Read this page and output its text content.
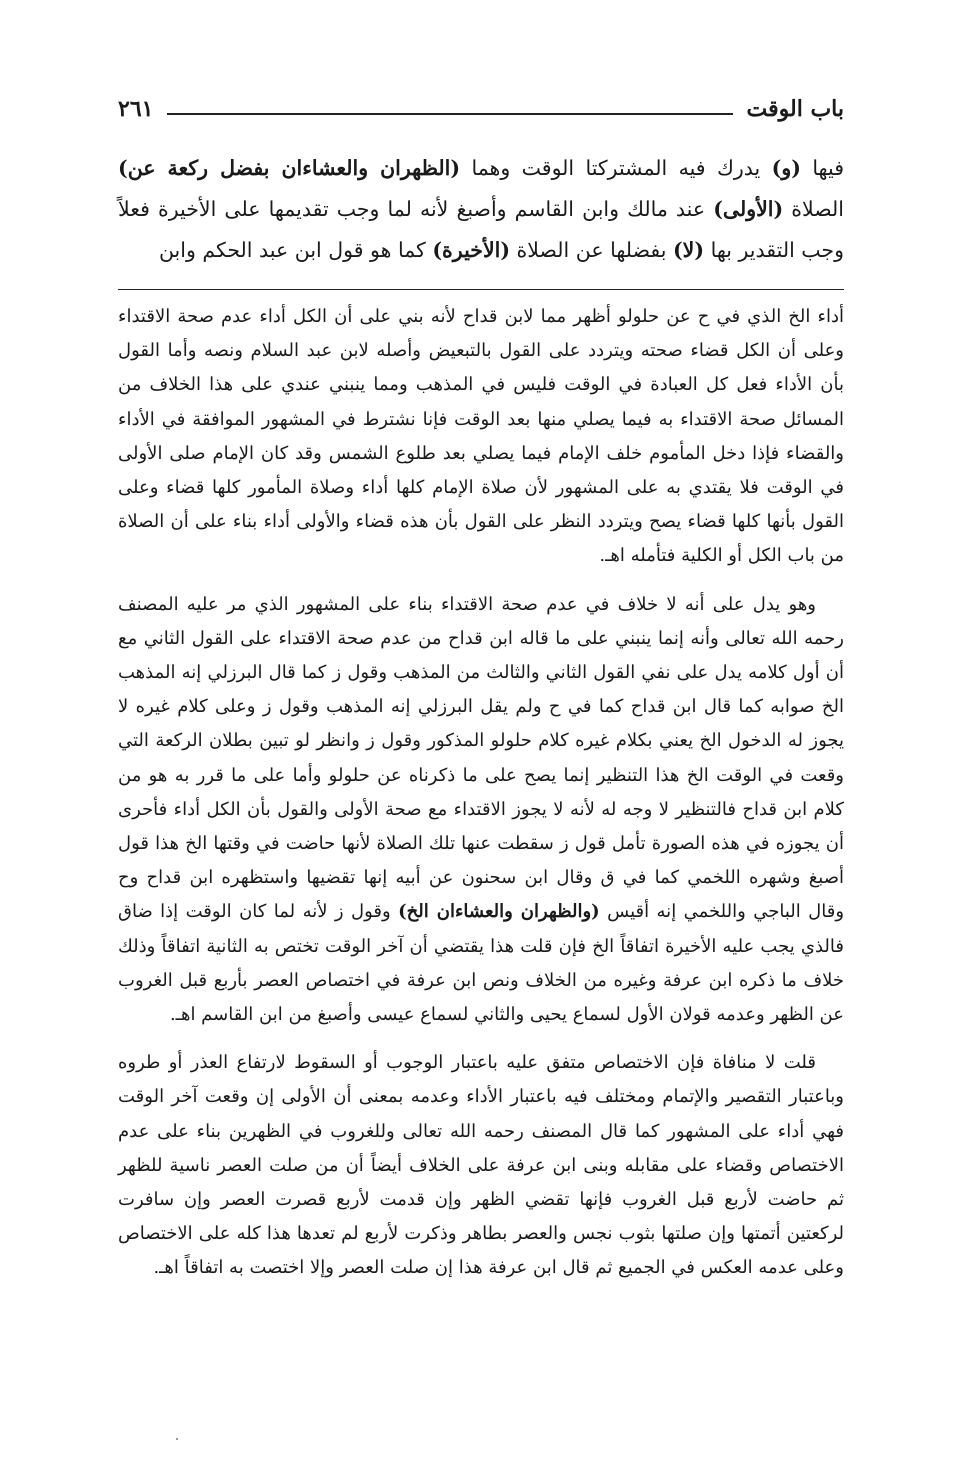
باب الوقت
٢٦١
فيها (و) يدرك فيه المشتركتا الوقت وهما (الظهران والعشاءان بفضل ركعة عن) الصلاة (الأولى) عند مالك وابن القاسم وأصبغ لأنه لما وجب تقديمها على الأخيرة فعلاً وجب التقدير بها (لا) بفضلها عن الصلاة (الأخيرة) كما هو قول ابن عبد الحكم وابن

أداء الخ الذي في ح عن حلولو أظهر مما لابن قداح لأنه بني على أن الكل أداء عدم صحة الاقتداء وعلى أن الكل قضاء صحته ويتردد على القول بالتبعيض وأصله لابن عبد السلام ونصه وأما القول بأن الأداء فعل كل العبادة في الوقت فليس في المذهب ومما ينبني عندي على هذا الخلاف من المسائل صحة الاقتداء به فيما يصلي منها بعد الوقت فإنا نشترط في المشهور الموافقة في الأداء والقضاء فإذا دخل المأموم خلف الإمام فيما يصلي بعد طلوع الشمس وقد كان الإمام صلى الأولى في الوقت فلا يقتدي به على المشهور لأن صلاة الإمام كلها أداء وصلاة المأمور كلها قضاء وعلى القول بأنها كلها قضاء يصح ويتردد النظر على القول بأن هذه قضاء والأولى أداء بناء على أن الصلاة من باب الكل أو الكلية فتأمله اهـ.

وهو يدل على أنه لا خلاف في عدم صحة الاقتداء بناء على المشهور الذي مر عليه المصنف رحمه الله تعالى وأنه إنما ينبني على ما قاله ابن قداح من عدم صحة الاقتداء على القول الثاني مع أن أول كلامه يدل على نفي القول الثاني والثالث من المذهب وقول ز كما قال البرزلي إنه المذهب الخ صوابه كما قال ابن قداح كما في ح ولم يقل البرزلي إنه المذهب وقول ز وعلى كلام غيره لا يجوز له الدخول الخ يعني بكلام غيره كلام حلولو المذكور وقول ز وانظر لو تبين بطلان الركعة التي وقعت في الوقت الخ هذا التنظير إنما يصح على ما ذكرناه عن حلولو وأما على ما قرر به هو من كلام ابن قداح فالتنظير لا وجه له لأنه لا يجوز الاقتداء مع صحة الأولى والقول بأن الكل أداء فأحرى أن يجوزه في هذه الصورة تأمل قول ز سقطت عنها تلك الصلاة لأنها حاضت في وقتها الخ هذا قول أصبغ وشهره اللخمي كما في ق وقال ابن سحنون عن أبيه إنها تقضيها واستظهره ابن قداح وح وقال الباجي واللخمي إنه أقيس (والظهران والعشاءان الخ) وقول ز لأنه لما كان الوقت إذا ضاق فالذي يجب عليه الأخيرة اتفاقاً الخ فإن قلت هذا يقتضي أن آخر الوقت تختص به الثانية اتفاقاً وذلك خلاف ما ذكره ابن عرفة وغيره من الخلاف ونص ابن عرفة في اختصاص العصر بأربع قبل الغروب عن الظهر وعدمه قولان الأول لسماع يحيى والثاني لسماع عيسى وأصبغ من ابن القاسم اهـ.

قلت لا منافاة فإن الاختصاص متفق عليه باعتبار الوجوب أو السقوط لارتفاع العذر أو طروه وباعتبار التقصير والإتمام ومختلف فيه باعتبار الأداء وعدمه بمعنى أن الأولى إن وقعت آخر الوقت فهي أداء على المشهور كما قال المصنف رحمه الله تعالى وللغروب في الظهرين بناء على عدم الاختصاص وقضاء على مقابله وبنى ابن عرفة على الخلاف أيضاً أن من صلت العصر ناسية للظهر ثم حاضت لأربع قبل الغروب فإنها تقضي الظهر وإن قدمت لأربع قصرت العصر وإن سافرت لركعتين أتمتها وإن صلتها بثوب نجس والعصر بطاهر وذكرت لأربع لم تعدها هذا كله على الاختصاص وعلى عدمه العكس في الجميع ثم قال ابن عرفة هذا إن صلت العصر وإلا اختصت به اتفاقاً اهـ.
